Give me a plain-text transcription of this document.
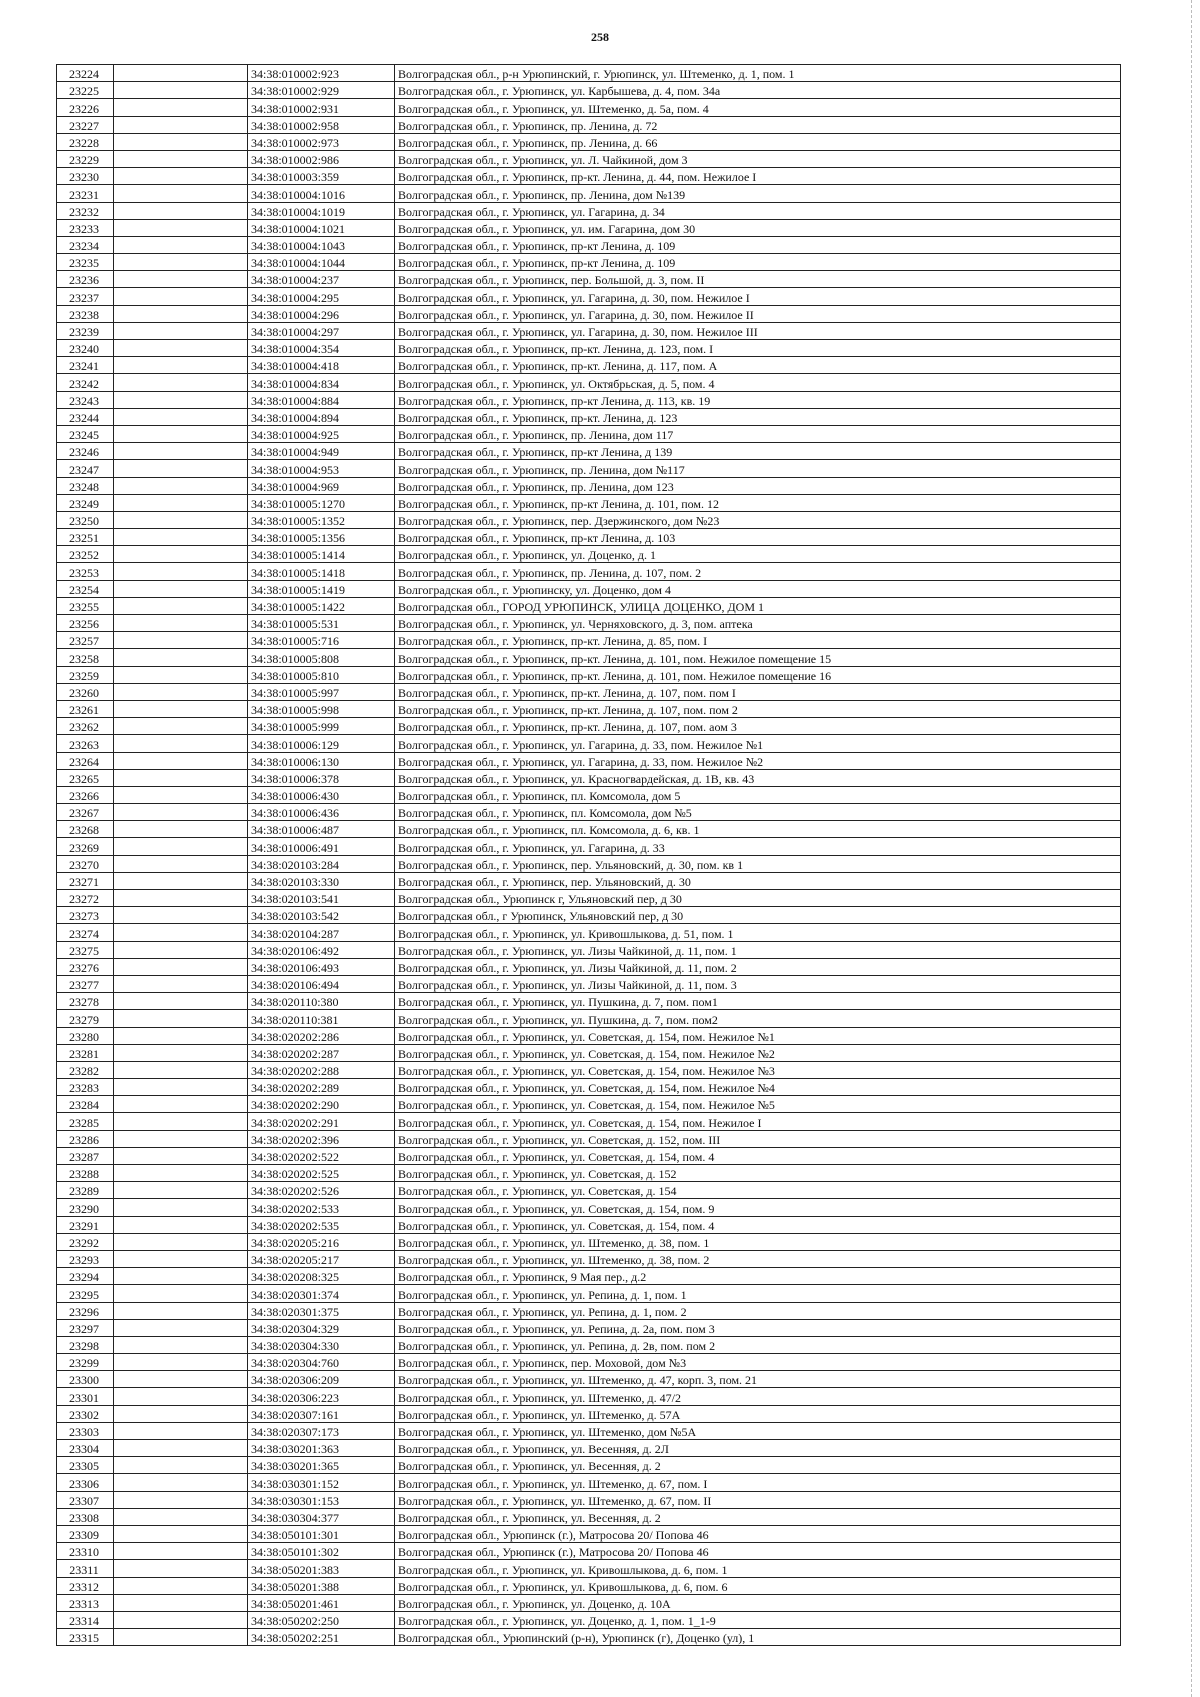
258
23224		34:38:010002:923	Волгоградская обл., р-н Урюпинский, г. Урюпинск, ул. Штеменко, д. 1, пом. 1
23225		34:38:010002:929	Волгоградская обл., г. Урюпинск, ул. Карбышева, д. 4, пом. 34а
23226		34:38:010002:931	Волгоградская обл., г. Урюпинск, ул. Штеменко, д. 5а, пом. 4
23227		34:38:010002:958	Волгоградская обл., г. Урюпинск, пр. Ленина, д. 72
23228		34:38:010002:973	Волгоградская обл., г. Урюпинск, пр. Ленина, д. 66
23229		34:38:010002:986	Волгоградская обл., г. Урюпинск, ул. Л. Чайкиной, дом 3
23230		34:38:010003:359	Волгоградская обл., г. Урюпинск, пр-кт. Ленина, д. 44, пом. Нежилое I
23231		34:38:010004:1016	Волгоградская обл., г. Урюпинск, пр. Ленина, дом №139
23232		34:38:010004:1019	Волгоградская обл., г. Урюпинск, ул. Гагарина, д. 34
23233		34:38:010004:1021	Волгоградская обл., г. Урюпинск, ул. им. Гагарина, дом 30
23234		34:38:010004:1043	Волгоградская обл., г. Урюпинск, пр-кт Ленина, д. 109
23235		34:38:010004:1044	Волгоградская обл., г. Урюпинск, пр-кт Ленина, д. 109
23236		34:38:010004:237	Волгоградская обл., г. Урюпинск, пер. Большой, д. 3, пом. II
23237		34:38:010004:295	Волгоградская обл., г. Урюпинск, ул. Гагарина, д. 30, пом. Нежилое I
23238		34:38:010004:296	Волгоградская обл., г. Урюпинск, ул. Гагарина, д. 30, пом. Нежилое II
23239		34:38:010004:297	Волгоградская обл., г. Урюпинск, ул. Гагарина, д. 30, пом. Нежилое III
23240		34:38:010004:354	Волгоградская обл., г. Урюпинск, пр-кт. Ленина, д. 123, пом. I
23241		34:38:010004:418	Волгоградская обл., г. Урюпинск, пр-кт. Ленина, д. 117, пом. А
23242		34:38:010004:834	Волгоградская обл., г. Урюпинск, ул. Октябрьская, д. 5, пом. 4
23243		34:38:010004:884	Волгоградская обл., г. Урюпинск, пр-кт Ленина, д. 113, кв. 19
23244		34:38:010004:894	Волгоградская обл., г. Урюпинск, пр-кт. Ленина, д. 123
23245		34:38:010004:925	Волгоградская обл., г. Урюпинск, пр. Ленина, дом 117
23246		34:38:010004:949	Волгоградская обл., г. Урюпинск, пр-кт Ленина, д 139
23247		34:38:010004:953	Волгоградская обл., г. Урюпинск, пр. Ленина, дом №117
23248		34:38:010004:969	Волгоградская обл., г. Урюпинск, пр. Ленина, дом 123
23249		34:38:010005:1270	Волгоградская обл., г. Урюпинск, пр-кт Ленина, д. 101, пом. 12
23250		34:38:010005:1352	Волгоградская обл., г. Урюпинск, пер. Дзержинского, дом №23
23251		34:38:010005:1356	Волгоградская обл., г. Урюпинск, пр-кт Ленина, д. 103
23252		34:38:010005:1414	Волгоградская обл., г. Урюпинск, ул. Доценко, д. 1
23253		34:38:010005:1418	Волгоградская обл., г. Урюпинск, пр. Ленина, д. 107, пом. 2
23254		34:38:010005:1419	Волгоградская обл., г. Урюпинску, ул. Доценко, дом 4
23255		34:38:010005:1422	Волгоградская обл., ГОРОД УРЮПИНСК, УЛИЦА ДОЦЕНКО, ДОМ 1
23256		34:38:010005:531	Волгоградская обл., г. Урюпинск, ул. Черняховского, д. 3, пом. аптека
23257		34:38:010005:716	Волгоградская обл., г. Урюпинск, пр-кт. Ленина, д. 85, пом. I
23258		34:38:010005:808	Волгоградская обл., г. Урюпинск, пр-кт. Ленина, д. 101, пом. Нежилое помещение 15
23259		34:38:010005:810	Волгоградская обл., г. Урюпинск, пр-кт. Ленина, д. 101, пом. Нежилое помещение 16
23260		34:38:010005:997	Волгоградская обл., г. Урюпинск, пр-кт. Ленина, д. 107, пом. пом I
23261		34:38:010005:998	Волгоградская обл., г. Урюпинск, пр-кт. Ленина, д. 107, пом. пом 2
23262		34:38:010005:999	Волгоградская обл., г. Урюпинск, пр-кт. Ленина, д. 107, пом. аом 3
23263		34:38:010006:129	Волгоградская обл., г. Урюпинск, ул. Гагарина, д. 33, пом. Нежилое №1
23264		34:38:010006:130	Волгоградская обл., г. Урюпинск, ул. Гагарина, д. 33, пом. Нежилое №2
23265		34:38:010006:378	Волгоградская обл., г. Урюпинск, ул. Красногвардейская, д. 1В, кв. 43
23266		34:38:010006:430	Волгоградская обл., г. Урюпинск, пл. Комсомола, дом 5
23267		34:38:010006:436	Волгоградская обл., г. Урюпинск, пл. Комсомола, дом №5
23268		34:38:010006:487	Волгоградская обл., г. Урюпинск, пл. Комсомола, д. 6, кв. 1
23269		34:38:010006:491	Волгоградская обл., г. Урюпинск, ул. Гагарина, д. 33
23270		34:38:020103:284	Волгоградская обл., г. Урюпинск, пер. Ульяновский, д. 30, пом. кв 1
23271		34:38:020103:330	Волгоградская обл., г. Урюпинск, пер. Ульяновский, д. 30
23272		34:38:020103:541	Волгоградская обл., Урюпинск г, Ульяновский пер, д 30
23273		34:38:020103:542	Волгоградская обл., г Урюпинск, Ульяновский пер, д 30
23274		34:38:020104:287	Волгоградская обл., г. Урюпинск, ул. Кривошлыкова, д. 51, пом. 1
23275		34:38:020106:492	Волгоградская обл., г. Урюпинск, ул. Лизы Чайкиной, д. 11, пом. 1
23276		34:38:020106:493	Волгоградская обл., г. Урюпинск, ул. Лизы Чайкиной, д. 11, пом. 2
23277		34:38:020106:494	Волгоградская обл., г. Урюпинск, ул. Лизы Чайкиной, д. 11, пом. 3
23278		34:38:020110:380	Волгоградская обл., г. Урюпинск, ул. Пушкина, д. 7, пом. пом1
23279		34:38:020110:381	Волгоградская обл., г. Урюпинск, ул. Пушкина, д. 7, пом. пом2
23280		34:38:020202:286	Волгоградская обл., г. Урюпинск, ул. Советская, д. 154, пом. Нежилое №1
23281		34:38:020202:287	Волгоградская обл., г. Урюпинск, ул. Советская, д. 154, пом. Нежилое №2
23282		34:38:020202:288	Волгоградская обл., г. Урюпинск, ул. Советская, д. 154, пом. Нежилое №3
23283		34:38:020202:289	Волгоградская обл., г. Урюпинск, ул. Советская, д. 154, пом. Нежилое №4
23284		34:38:020202:290	Волгоградская обл., г. Урюпинск, ул. Советская, д. 154, пом. Нежилое №5
23285		34:38:020202:291	Волгоградская обл., г. Урюпинск, ул. Советская, д. 154, пом. Нежилое I
23286		34:38:020202:396	Волгоградская обл., г. Урюпинск, ул. Советская, д. 152, пом. III
23287		34:38:020202:522	Волгоградская обл., г. Урюпинск, ул. Советская, д. 154, пом. 4
23288		34:38:020202:525	Волгоградская обл., г. Урюпинск, ул. Советская, д. 152
23289		34:38:020202:526	Волгоградская обл., г. Урюпинск, ул. Советская, д. 154
23290		34:38:020202:533	Волгоградская обл., г. Урюпинск, ул. Советская, д. 154, пом. 9
23291		34:38:020202:535	Волгоградская обл., г. Урюпинск, ул. Советская, д. 154, пом. 4
23292		34:38:020205:216	Волгоградская обл., г. Урюпинск, ул. Штеменко, д. 38, пом. 1
23293		34:38:020205:217	Волгоградская обл., г. Урюпинск, ул. Штеменко, д. 38, пом. 2
23294		34:38:020208:325	Волгоградская обл., г. Урюпинск, 9 Мая пер., д.2
23295		34:38:020301:374	Волгоградская обл., г. Урюпинск, ул. Репина, д. 1, пом. 1
23296		34:38:020301:375	Волгоградская обл., г. Урюпинск, ул. Репина, д. 1, пом. 2
23297		34:38:020304:329	Волгоградская обл., г. Урюпинск, ул. Репина, д. 2а, пом. пом 3
23298		34:38:020304:330	Волгоградская обл., г. Урюпинск, ул. Репина, д. 2в, пом. пом 2
23299		34:38:020304:760	Волгоградская обл., г. Урюпинск, пер. Моховой, дом №3
23300		34:38:020306:209	Волгоградская обл., г. Урюпинск, ул. Штеменко, д. 47, корп. 3, пом. 21
23301		34:38:020306:223	Волгоградская обл., г. Урюпинск, ул. Штеменко, д. 47/2
23302		34:38:020307:161	Волгоградская обл., г. Урюпинск, ул. Штеменко, д. 57А
23303		34:38:020307:173	Волгоградская обл., г. Урюпинск, ул. Штеменко, дом №5А
23304		34:38:030201:363	Волгоградская обл., г. Урюпинск, ул. Весенняя, д. 2Л
23305		34:38:030201:365	Волгоградская обл., г. Урюпинск, ул. Весенняя, д. 2
23306		34:38:030301:152	Волгоградская обл., г. Урюпинск, ул. Штеменко, д. 67, пом. I
23307		34:38:030301:153	Волгоградская обл., г. Урюпинск, ул. Штеменко, д. 67, пом. II
23308		34:38:030304:377	Волгоградская обл., г. Урюпинск, ул. Весенняя, д. 2
23309		34:38:050101:301	Волгоградская обл., Урюпинск (г.), Матросова 20/ Попова 46
23310		34:38:050101:302	Волгоградская обл., Урюпинск (г.), Матросова 20/ Попова 46
23311		34:38:050201:383	Волгоградская обл., г. Урюпинск, ул. Кривошлыкова, д. 6, пом. 1
23312		34:38:050201:388	Волгоградская обл., г. Урюпинск, ул. Кривошлыкова, д. 6, пом. 6
23313		34:38:050201:461	Волгоградская обл., г. Урюпинск, ул. Доценко, д. 10А
23314		34:38:050202:250	Волгоградская обл., г. Урюпинск, ул. Доценко, д. 1, пом. 1_1-9
23315		34:38:050202:251	Волгоградская обл., Урюпинский (р-н), Урюпинск (г), Доценко (ул), 1
